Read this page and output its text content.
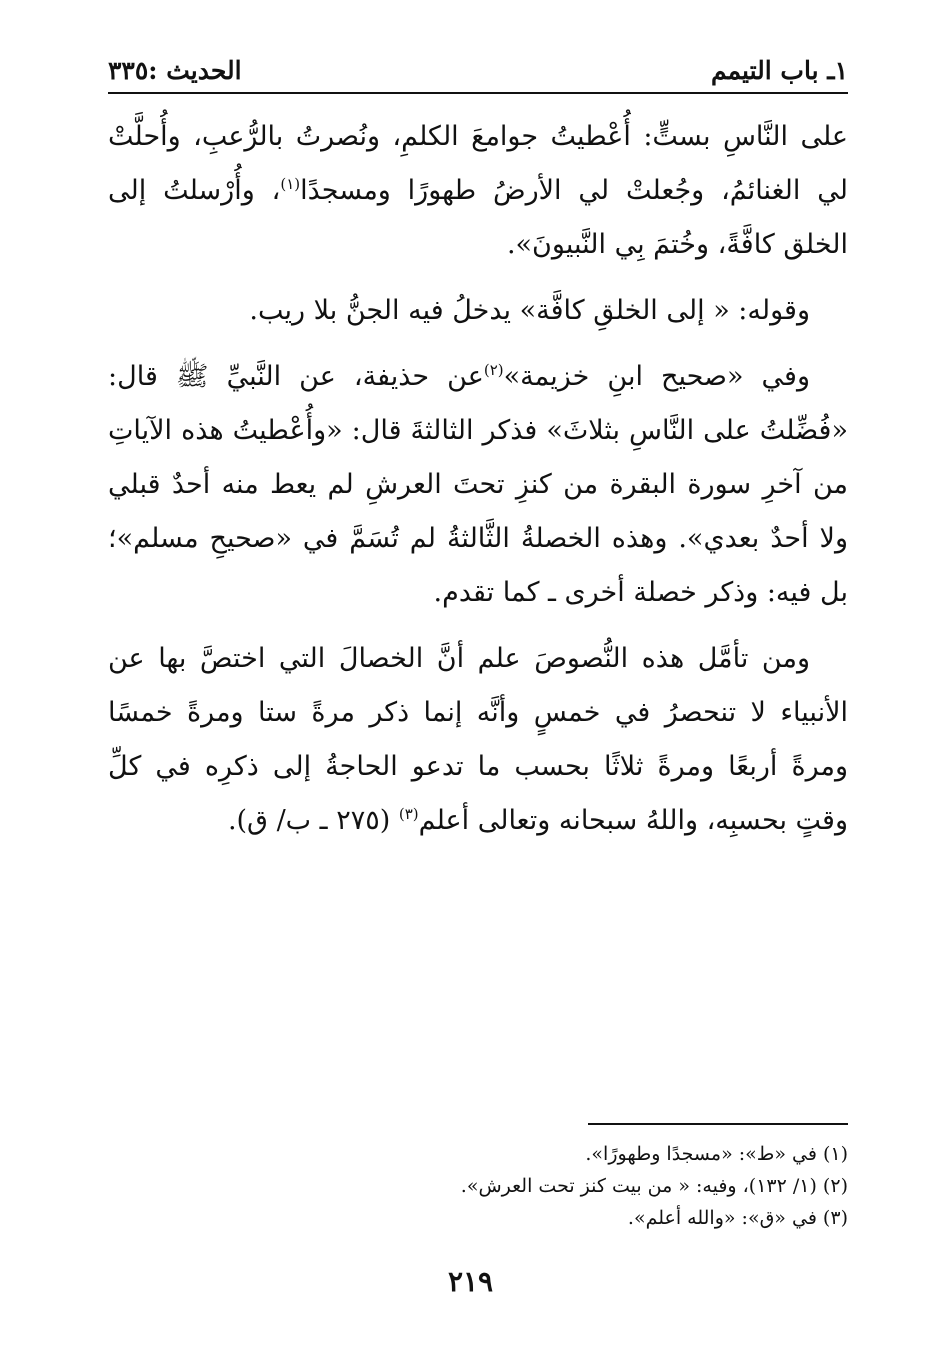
١ـ باب التيمم
الحديث :٣٣٥

على النَّاسِ بستٍّ: أُعْطيتُ جوامعَ الكلمِ، ونُصرتُ بالرُّعبِ، وأُحلَّتْ لي الغنائمُ، وجُعلتْ لي الأرضُ طهورًا ومسجدًا$^{(١)}$، وأُرْسلتُ إلى الخلق كافَّةً، وخُتمَ بِي النَّبيونَ».

وقوله: « إلى الخلقِ كافَّة» يدخلُ فيه الجنُّ بلا ريب.

وفي «صحيح ابنِ خزيمة»$^{(٢)}$عن حذيفة، عن النَّبيِّ ﷺ قال: «فُضِّلتُ على النَّاسِ بثلاثَ» فذكر الثالثةَ قال: «وأُعْطيتُ هذه الآياتِ من آخرِ سورة البقرة من كنزِ تحتَ العرشِ لم يعط منه أحدٌ قبلي ولا أحدٌ بعدي». وهذه الخصلةُ الثَّالثةُ لم تُسَمَّ في «صحيحِ مسلم»؛ بل فيه: وذكر خصلة أخرى ـ كما تقدم.

ومن تأمَّل هذه النُّصوصَ علم أنَّ الخصالَ التي اختصَّ بها عن الأنبياء لا تنحصرُ في خمسٍ وأنَّه إنما ذكر مرةً ستا ومرةً خمسًا ومرةً أربعًا ومرةً ثلاثًا بحسب ما تدعو الحاجةُ إلى ذكرِه في كلِّ وقتٍ بحسبِه، واللهُ سبحانه وتعالى أعلم$^{(٣)}$ (٢٧٥ ـ ب/ ق).

(١) في «ط»: «مسجدًا وطهورًا».
(٢) (١/ ١٣٢)، وفيه: « من بيت كنز تحت العرش».
(٣) في «ق»: «والله أعلم».
٢١٩
